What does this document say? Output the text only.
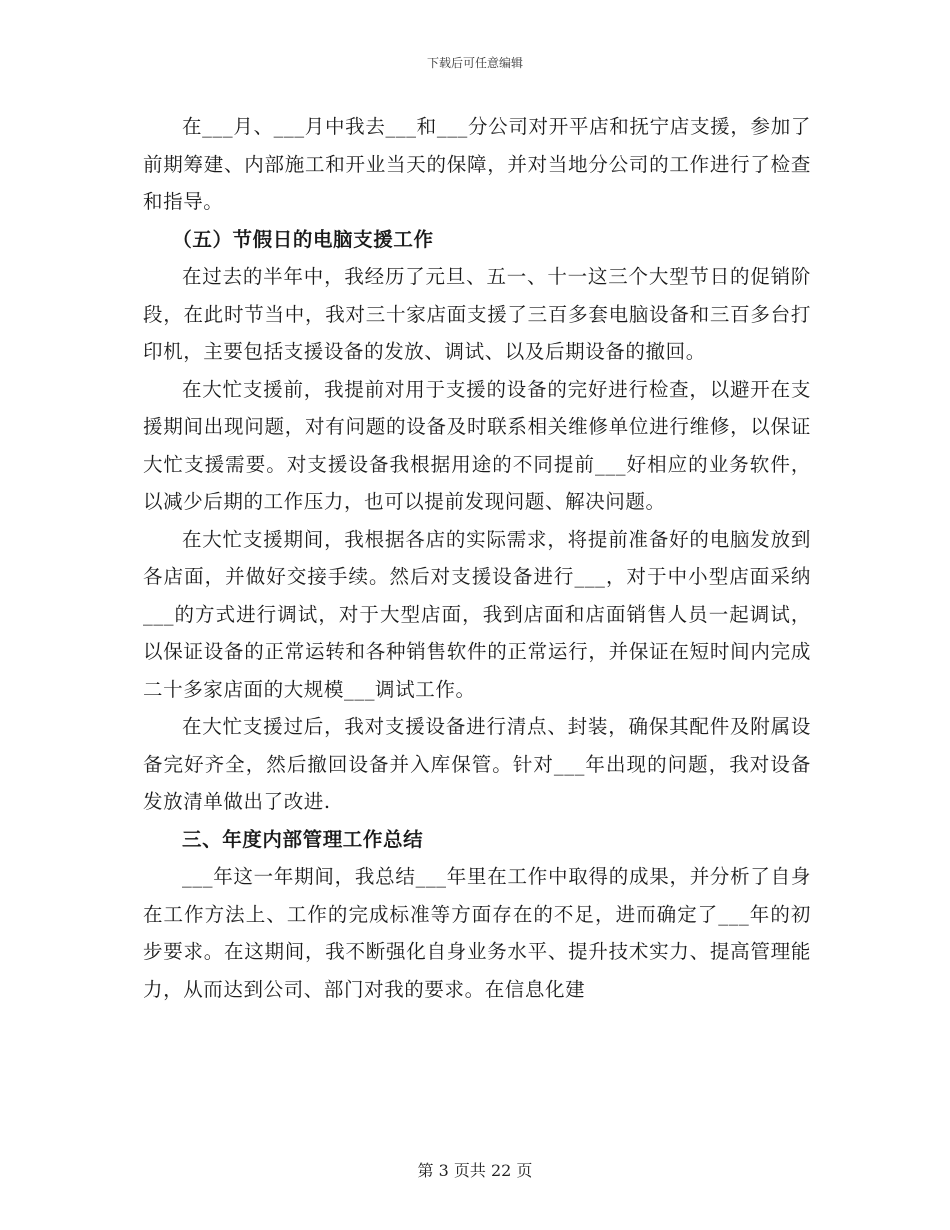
下载后可任意编辑

在___月、___月中我去___和___分公司对开平店和抚宁店支援，参加了前期筹建、内部施工和开业当天的保障，并对当地分公司的工作进行了检查和指导。

（五）节假日的电脑支援工作

在过去的半年中，我经历了元旦、五一、十一这三个大型节日的促销阶段，在此时节当中，我对三十家店面支援了三百多套电脑设备和三百多台打印机，主要包括支援设备的发放、调试、以及后期设备的撤回。

在大忙支援前，我提前对用于支援的设备的完好进行检查，以避开在支援期间出现问题，对有问题的设备及时联系相关维修单位进行维修，以保证大忙支援需要。对支援设备我根据用途的不同提前___好相应的业务软件，以减少后期的工作压力，也可以提前发现问题、解决问题。

在大忙支援期间，我根据各店的实际需求，将提前准备好的电脑发放到各店面，并做好交接手续。然后对支援设备进行___，对于中小型店面采纳___的方式进行调试，对于大型店面，我到店面和店面销售人员一起调试，以保证设备的正常运转和各种销售软件的正常运行，并保证在短时间内完成二十多家店面的大规模___调试工作。

在大忙支援过后，我对支援设备进行清点、封装，确保其配件及附属设备完好齐全，然后撤回设备并入库保管。针对___年出现的问题，我对设备发放清单做出了改进.

三、年度内部管理工作总结

___年这一年期间，我总结___年里在工作中取得的成果，并分析了自身在工作方法上、工作的完成标准等方面存在的不足，进而确定了___年的初步要求。在这期间，我不断强化自身业务水平、提升技术实力、提高管理能力，从而达到公司、部门对我的要求。在信息化建

第 3 页共 22 页
